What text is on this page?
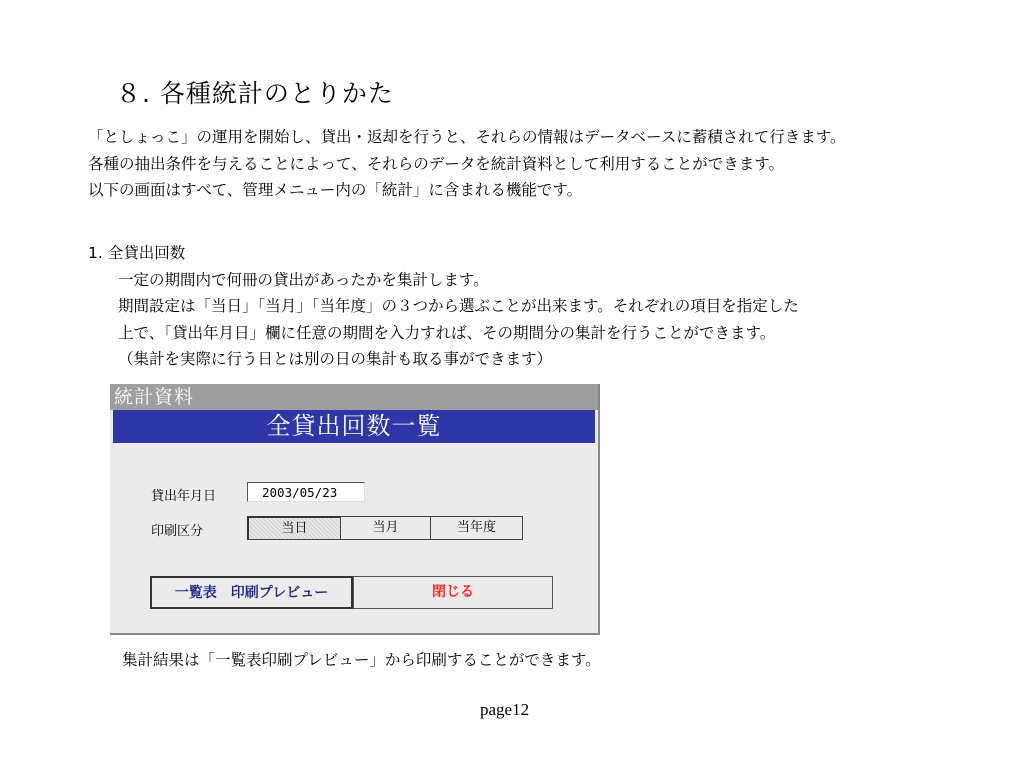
８. 各種統計のとりかた
「としょっこ」の運用を開始し、貸出・返却を行うと、それらの情報はデータベースに蓄積されて行きます。
各種の抽出条件を与えることによって、それらのデータを統計資料として利用することができます。
以下の画面はすべて、管理メニュー内の「統計」に含まれる機能です。
1. 全貸出回数
一定の期間内で何冊の貸出があったかを集計します。
期間設定は「当日」「当月」「当年度」の３つから選ぶことが出来ます。それぞれの項目を指定した
上で、「貸出年月日」欄に任意の期間を入力すれば、その期間分の集計を行うことができます。
（集計を実際に行う日とは別の日の集計も取る事ができます）
統計資料
全貸出回数一覧
貸出年月日	2003/05/23
印刷区分	当日	当月	当年度
一覧表　印刷プレビュー	閉じる
集計結果は「一覧表印刷プレビュー」から印刷することができます。
page12
